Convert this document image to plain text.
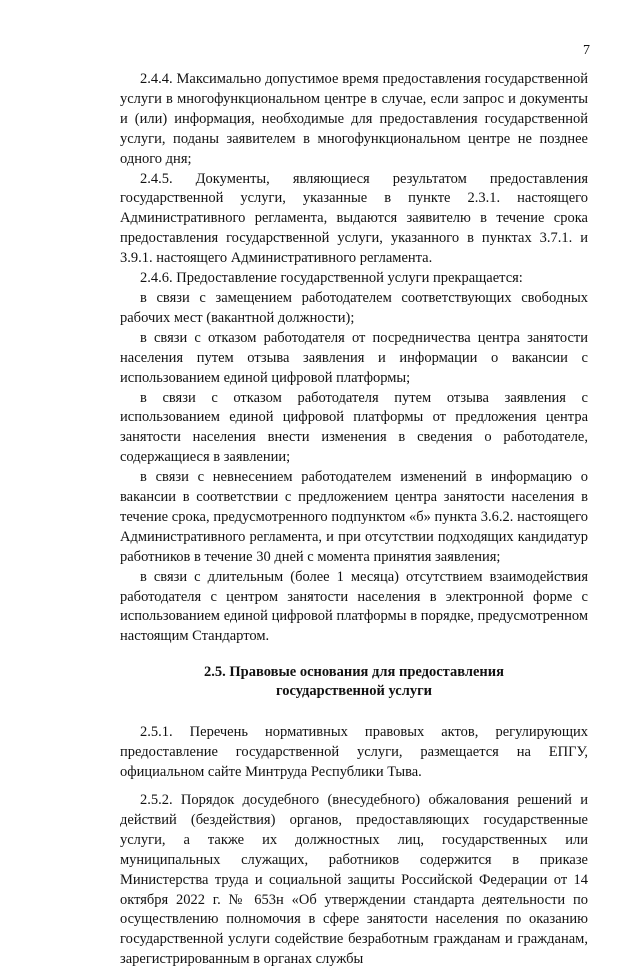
7

2.4.4. Максимально допустимое время предоставления государственной услуги в многофункциональном центре в случае, если запрос и документы и (или) информация, необходимые для предоставления государственной услуги, поданы заявителем в многофункциональном центре не позднее одного дня;

2.4.5. Документы, являющиеся результатом предоставления государственной услуги, указанные в пункте 2.3.1. настоящего Административного регламента, выдаются заявителю в течение срока предоставления государственной услуги, указанного в пунктах 3.7.1. и 3.9.1. настоящего Административного регламента.

2.4.6. Предоставление государственной услуги прекращается:

в связи с замещением работодателем соответствующих свободных рабочих мест (вакантной должности);

в связи с отказом работодателя от посредничества центра занятости населения путем отзыва заявления и информации о вакансии с использованием единой цифровой платформы;

в связи с отказом работодателя путем отзыва заявления с использованием единой цифровой платформы от предложения центра занятости населения внести изменения в сведения о работодателе, содержащиеся в заявлении;

в связи с невнесением работодателем изменений в информацию о вакансии в соответствии с предложением центра занятости населения в течение срока, предусмотренного подпунктом «б» пункта 3.6.2. настоящего Административного регламента, и при отсутствии подходящих кандидатур работников в течение 30 дней с момента принятия заявления;

в связи с длительным (более 1 месяца) отсутствием взаимодействия работодателя с центром занятости населения в электронной форме с использованием единой цифровой платформы в порядке, предусмотренном настоящим Стандартом.

2.5. Правовые основания для предоставления
государственной услуги

2.5.1. Перечень нормативных правовых актов, регулирующих предоставление государственной услуги, размещается на ЕПГУ, официальном сайте Минтруда Республики Тыва.

2.5.2. Порядок досудебного (внесудебного) обжалования решений и действий (бездействия) органов, предоставляющих государственные услуги, а также их должностных лиц, государственных или муниципальных служащих, работников содержится в приказе Министерства труда и социальной защиты Российской Федерации от 14 октября 2022 г. № 653н «Об утверждении стандарта деятельности по осуществлению полномочия в сфере занятости населения по оказанию государственной услуги содействие безработным гражданам и гражданам, зарегистрированным в органах службы
